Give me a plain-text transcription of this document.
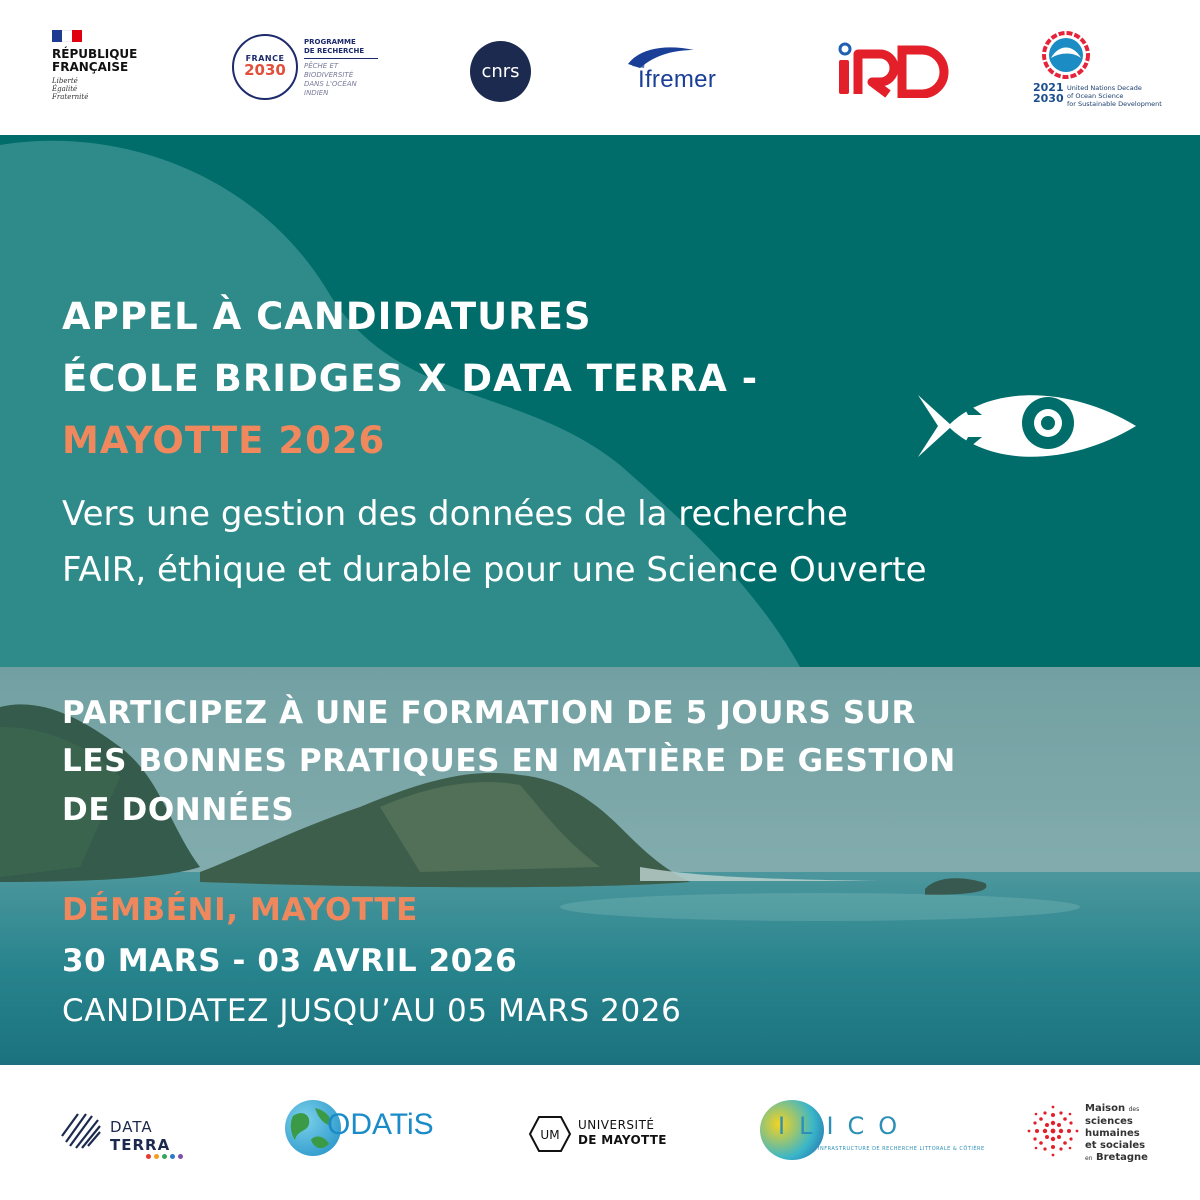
RÉPUBLIQUE
FRANÇAISE
Liberté
Égalité
Fraternité
FRANCE
2030
PROGRAMME
DE RECHERCHE
PÊCHE ET
BIODIVERSITÉ
DANS L'OCÉAN
INDIEN
cnrs	Ifremer	2021
2030
United Nations Decade
of Ocean Science
for Sustainable Development
APPEL À CANDIDATURES
ÉCOLE BRIDGES X DATA TERRA -
MAYOTTE 2026
Vers une gestion des données de la recherche
FAIR, éthique et durable pour une Science Ouverte
PARTICIPEZ À UNE FORMATION DE 5 JOURS SUR
LES BONNES PRATIQUES EN MATIÈRE DE GESTION
DE DONNÉES
DÉMBÉNI, MAYOTTE
30 MARS - 03 AVRIL 2026
CANDIDATEZ JUSQU’AU 05 MARS 2026
DATA
TERRA
ODATiS	UM
UNIVERSITÉ
DE MAYOTTE	ILICO
INFRASTRUCTURE DE RECHERCHE LITTORALE & CÔTIÈRE
Maison des
sciences
humaines
et sociales
en Bretagne
